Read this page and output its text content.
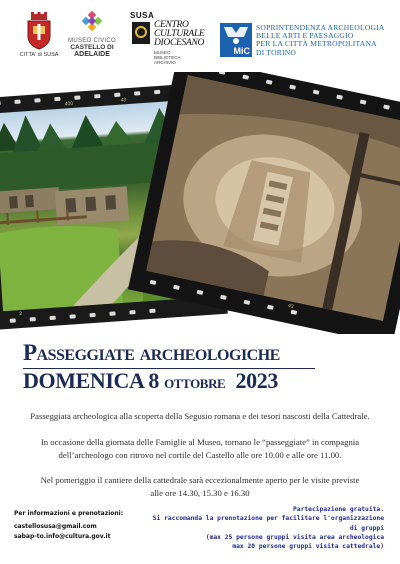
CITTA' di SUSA
MUSEO CIVICO
CASTELLO DI
ADELAIDE
SUSA
CENTRO
CULTURALE
DIOCESANO
MUSEO
BIBLIOTECA
ARCHIVIO
MiC
SOPRINTENDENZA ARCHEOLOGIA
BELLE ARTI E PAESAGGIO
PER LA CITTÀ METROPOLITANA
DI TORINO
400
2
43
43
Passeggiate archeologiche
DOMENICA 8 ottobre  2023
Passeggiata archeologica alla scoperta della Segusio romana e dei tesori nascosti della Cattedrale.
In occasione della giornata delle Famiglie al Museo, tornano le “passeggiate” in compagnia
dell’archeologo con ritrovo nel cortile del Castello alle ore 10.00 e alle ore 11.00.
Nel pomeriggio il cantiere della cattedrale sarà eccezionalmente aperto per le visite previste
alle ore 14.30, 15.30 e 16.30
Per informazioni e prenotazioni:
castellosusa@gmail.com
sabap-to.info@cultura.gov.it
Partecipazione gratuita.
Si raccomanda la prenotazione per facilitare l'organizzazione di gruppi
(max 25 persone gruppi visita area archeologica
max 20 persone gruppi visita cattedrale)
